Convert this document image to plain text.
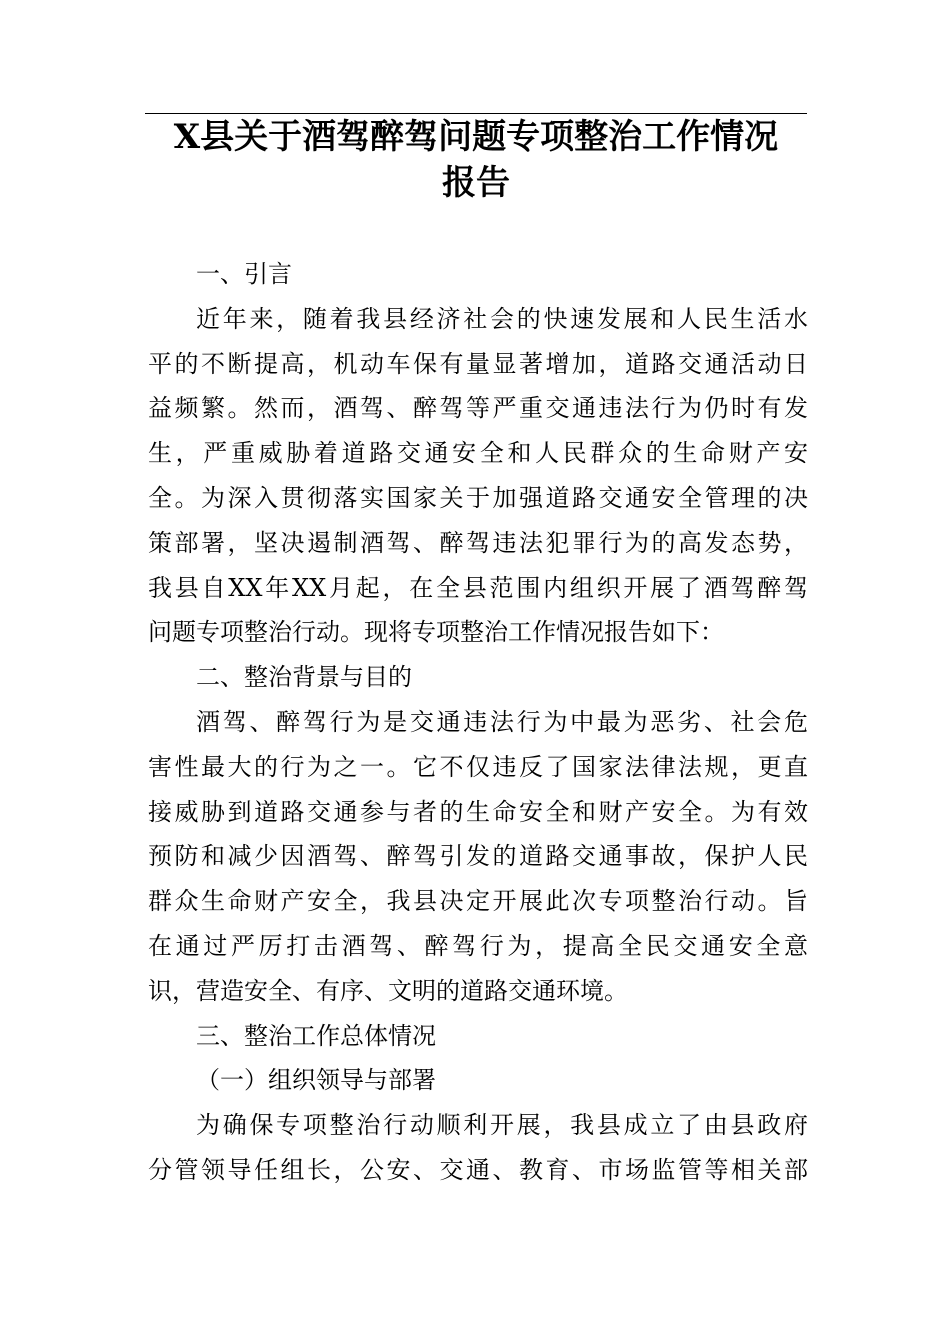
X县关于酒驾醉驾问题专项整治工作情况
报告

一、引言

近年来，随着我县经济社会的快速发展和人民生活水
平的不断提高，机动车保有量显著增加，道路交通活动日
益频繁。然而，酒驾、醉驾等严重交通违法行为仍时有发
生，严重威胁着道路交通安全和人民群众的生命财产安
全。为深入贯彻落实国家关于加强道路交通安全管理的决
策部署，坚决遏制酒驾、醉驾违法犯罪行为的高发态势，
我县自XX年XX月起，在全县范围内组织开展了酒驾醉驾
问题专项整治行动。现将专项整治工作情况报告如下：

二、整治背景与目的

酒驾、醉驾行为是交通违法行为中最为恶劣、社会危
害性最大的行为之一。它不仅违反了国家法律法规，更直
接威胁到道路交通参与者的生命安全和财产安全。为有效
预防和减少因酒驾、醉驾引发的道路交通事故，保护人民
群众生命财产安全，我县决定开展此次专项整治行动。旨
在通过严厉打击酒驾、醉驾行为，提高全民交通安全意
识，营造安全、有序、文明的道路交通环境。

三、整治工作总体情况

（一）组织领导与部署

为确保专项整治行动顺利开展，我县成立了由县政府
分管领导任组长，公安、交通、教育、市场监管等相关部
